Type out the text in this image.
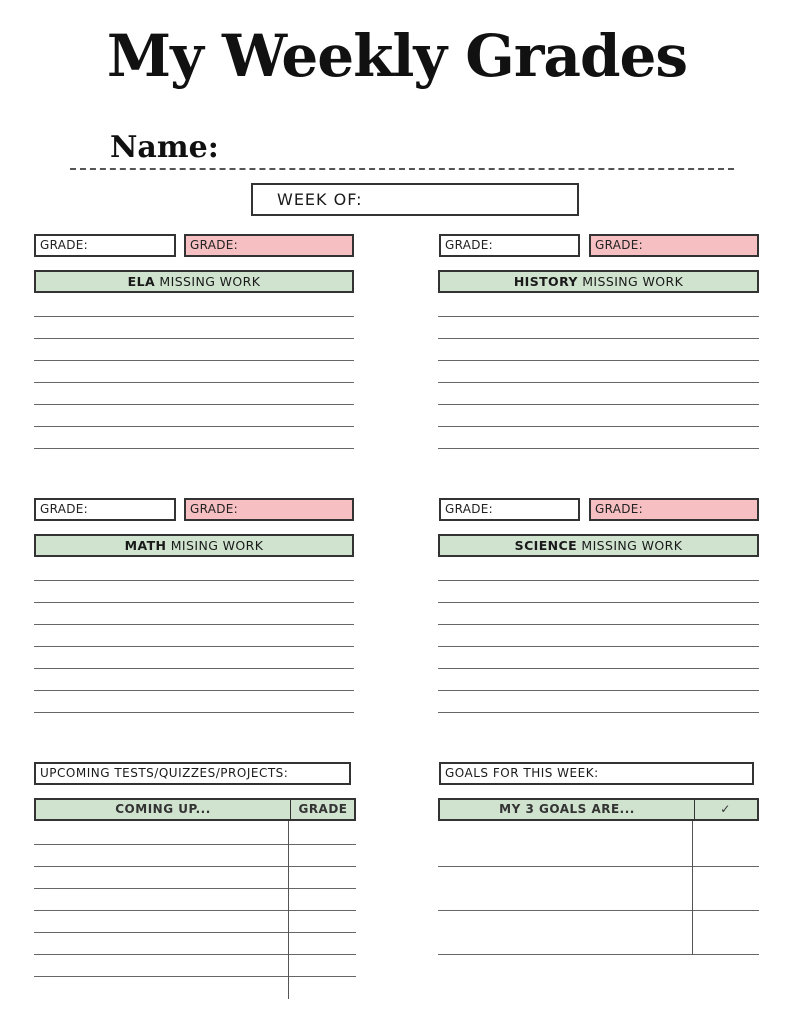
My Weekly Grades
Name:
WEEK OF:
GRADE:	GRADE:
ELA MISSING WORK
GRADE:	GRADE:
HISTORY MISSING WORK
GRADE:	GRADE:
MATH MISING WORK
GRADE:	GRADE:
SCIENCE MISSING WORK
UPCOMING TESTS/QUIZZES/PROJECTS:
COMING UP...	GRADE
GOALS FOR THIS WEEK:
MY 3 GOALS ARE...	✓
